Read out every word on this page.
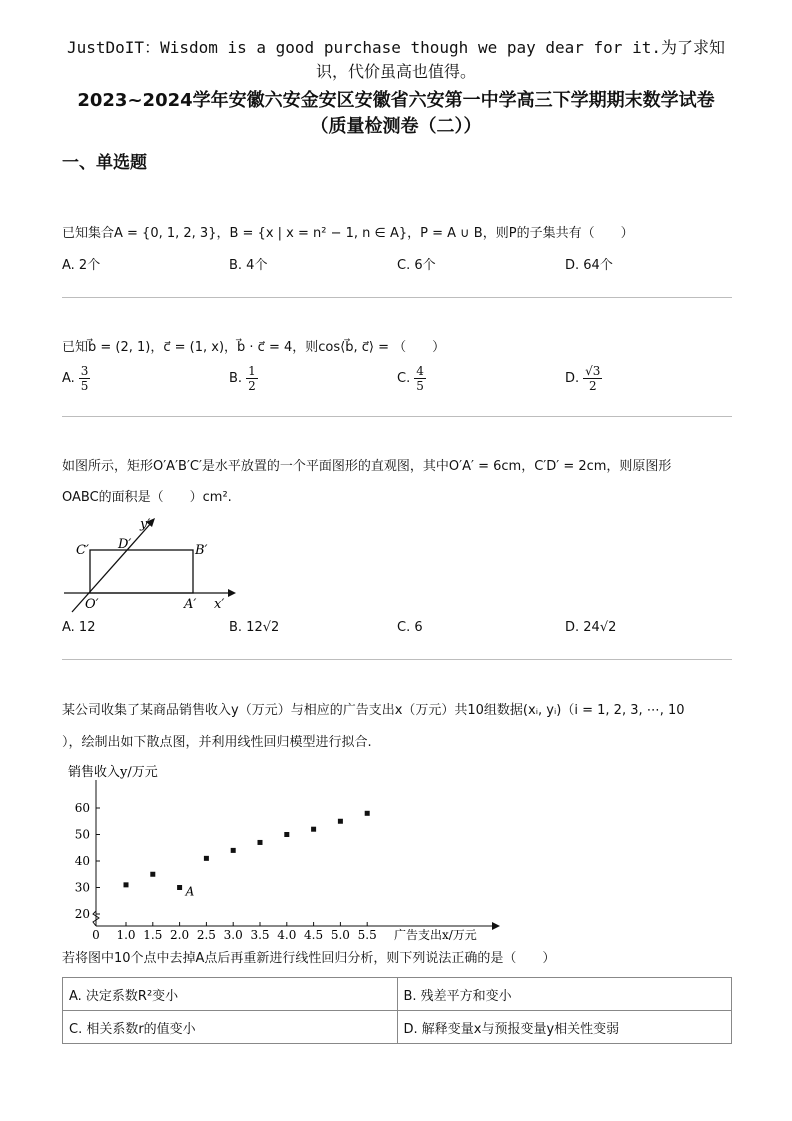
JustDoIT：Wisdom is a good purchase though we pay dear for it.为了求知
识，代价虽高也值得。
2023~2024学年安徽六安金安区安徽省六安第一中学高三下学期期末数学试卷
（质量检测卷（二））
一、单选题
已知集合A = {0, 1, 2, 3}，B = {x | x = n² − 1, n ∈ A}，P = A ∪ B，则P的子集共有（　　）
A. 2个	B. 4个	C. 6个	D. 64个
已知b⃗ = (2, 1)，c⃗ = (1, x)，b⃗ · c⃗ = 4，则cos⟨b⃗, c⃗⟩ = （　　）
A. $\frac{3}{5}$	B. $\frac{1}{2}$	C. $\frac{4}{5}$	D. $\frac{√3}{2}$
如图所示，矩形O′A′B′C′是水平放置的一个平面图形的直观图，其中O′A′ = 6cm，C′D′ = 2cm，则原图形
OABC的面积是（　　）cm².
C′ D′	B′
O′	A′ x′
y′
A. 12	B. 12√2	C. 6	D. 24√2
某公司收集了某商品销售收入y（万元）与相应的广告支出x（万元）共10组数据(xᵢ, yᵢ)（i = 1, 2, 3, ⋯, 10
），绘制出如下散点图，并利用线性回归模型进行拟合.
销售收入y/万元
0	广告支出x/万元
20
30
40
50
60
1.0 1.5 2.0 2.5 3.0 3.5 4.0 4.5 5.0 5.5
A
若将图中10个点中去掉A点后再重新进行线性回归分析，则下列说法正确的是（　　）
A. 决定系数R²变小	B. 残差平方和变小
C. 相关系数r的值变小	D. 解释变量x与预报变量y相关性变弱
